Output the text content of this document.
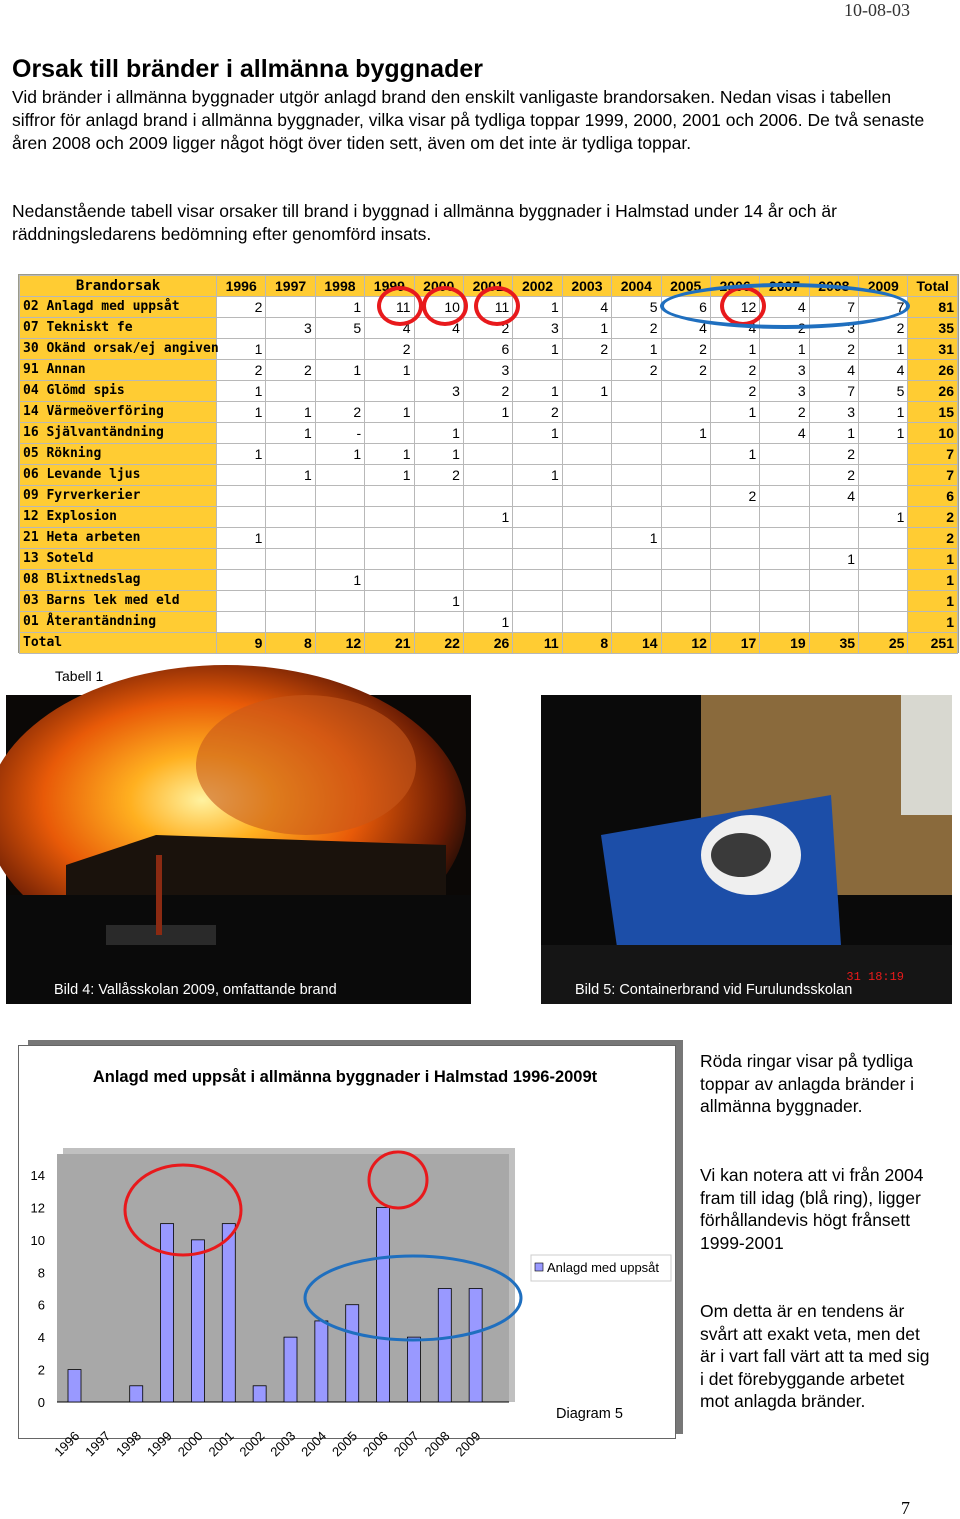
10-08-03
Orsak till bränder i allmänna byggnader

Vid bränder i allmänna byggnader utgör anlagd brand den enskilt vanligaste brandorsaken. Nedan visas i tabellen siffror för anlagd brand i allmänna byggnader, vilka visar på tydliga toppar 1999, 2000, 2001 och 2006. De två senaste åren 2008 och 2009 ligger något högt över tiden sett, även om det inte är tydliga toppar.

Nedanstående tabell visar orsaker till brand i byggnad i allmänna byggnader i Halmstad under 14 år och är räddningsledarens bedömning efter genomförd insats.

Brandorsak	1996	1997	1998	1999	2000	2001	2002	2003	2004	2005	2006	2007	2008	2009	Total
02 Anlagd med uppsåt	2		1	11	10	11	1	4	5	6	12	4	7	7	81
07 Tekniskt fe		3	5	4	4	2	3	1	2	4	4	2	3	2	35
30 Okänd orsak/ej angiven	1			2		6	1	2	1	2	1	1	2	1	31
91 Annan	2	2	1	1		3			2	2	2	3	4	4	26
04 Glömd spis	1				3	2	1	1			2	3	7	5	26
14 Värmeöverföring	1	1	2	1		1	2				1	2	3	1	15
16 Självantändning		1	-		1		1			1		4	1	1	10
05 Rökning	1		1	1	1						1		2		7
06 Levande ljus		1		1	2		1						2		7
09 Fyrverkerier											2		4		6
12 Explosion						1								1	2
21 Heta arbeten	1								1						2
13 Soteld													1		1
08 Blixtnedslag			1												1
03 Barns lek med eld					1										1
01 Återantändning						1									1
Total	9	8	12	21	22	26	11	8	14	12	17	19	35	25	251
Tabell 1
Bild 4: Vallåsskolan 2009, omfattande brand
31 18:19
Bild 5: Containerbrand vid Furulundsskolan
Anlagd med uppsåt i allmänna byggnader i Halmstad 1996-2009t
0
2
4
6
8
10
12
14
1996 1997 1998 1999 2000 2001 2002 2003 2004 2005 2006 2007 2008 2009
Anlagd med uppsåt
Diagram 5

Röda ringar visar på tydliga toppar av anlagda bränder i allmänna byggnader.

Vi kan notera att vi från 2004 fram till idag (blå ring), ligger förhållandevis högt frånsett 1999-2001

Om detta är en tendens är svårt att exakt veta, men det är i vart fall värt att ta med sig i det förebyggande arbetet mot anlagda bränder.

7
